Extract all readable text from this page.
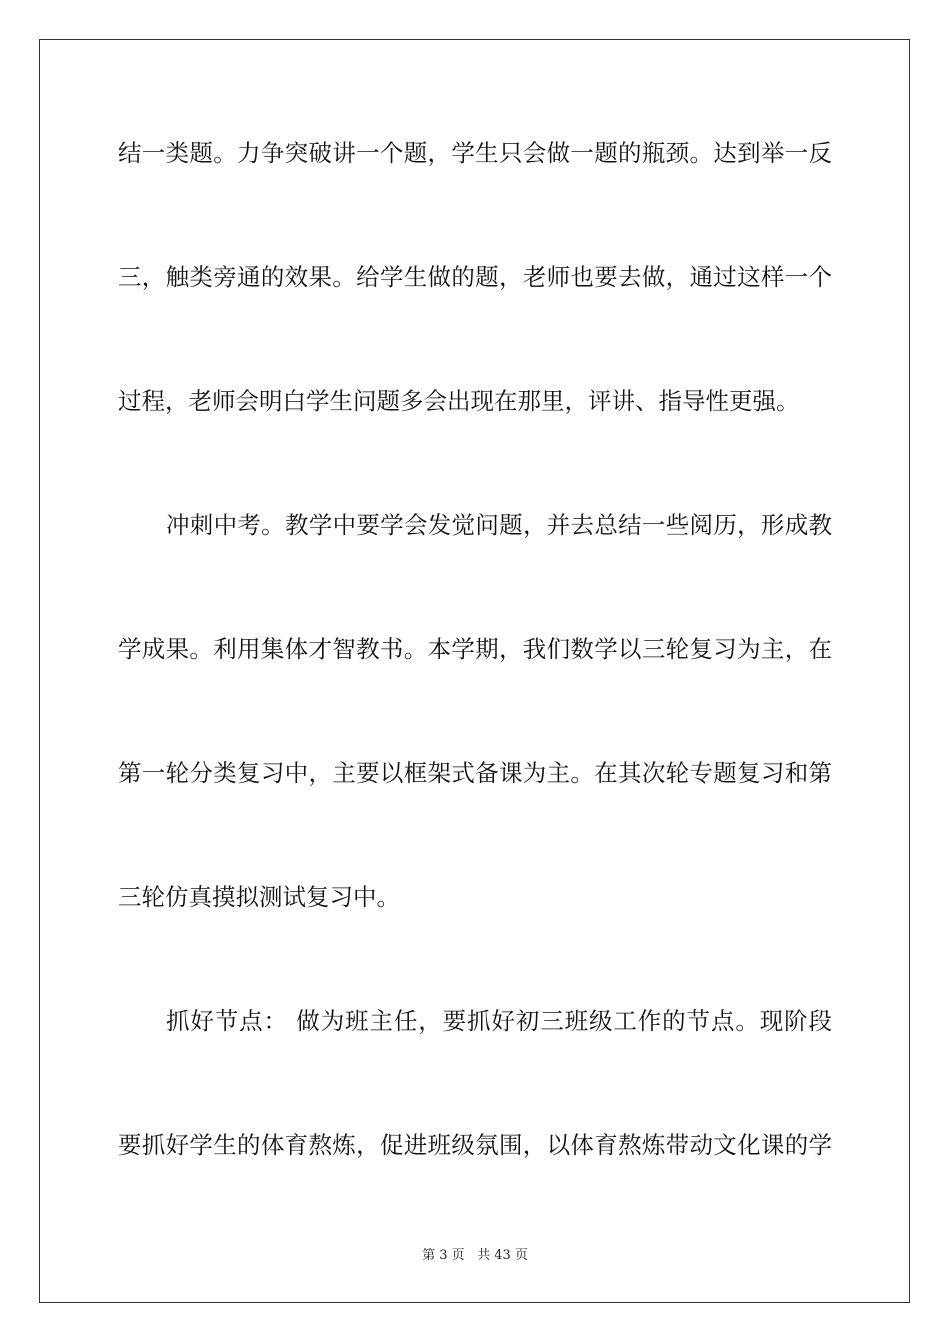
结一类题。力争突破讲一个题，学生只会做一题的瓶颈。达到举一反
三，触类旁通的效果。给学生做的题，老师也要去做，通过这样一个
过程，老师会明白学生问题多会出现在那里，评讲、指导性更强。
冲刺中考。教学中要学会发觉问题，并去总结一些阅历，形成教
学成果。利用集体才智教书。本学期，我们数学以三轮复习为主，在
第一轮分类复习中，主要以框架式备课为主。在其次轮专题复习和第
三轮仿真摸拟测试复习中。
抓好节点： 做为班主任，要抓好初三班级工作的节点。现阶段
要抓好学生的体育熬炼，促进班级氛围，以体育熬炼带动文化课的学
第 3 页 共 43 页
